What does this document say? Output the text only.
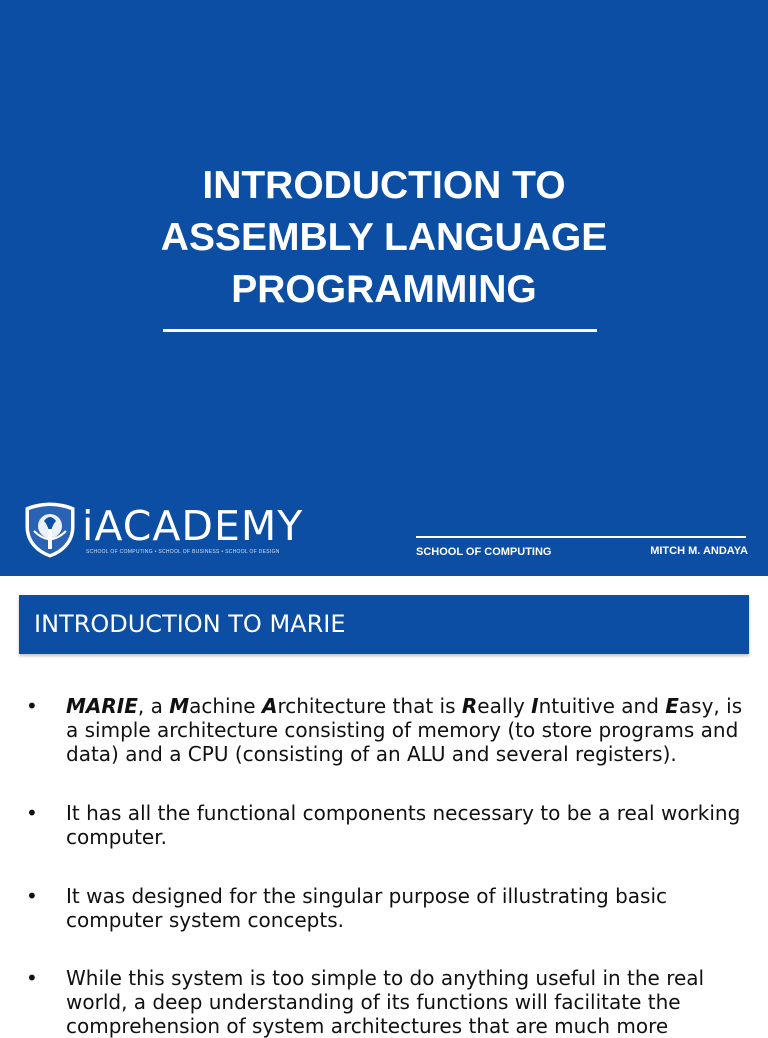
INTRODUCTION TO
ASSEMBLY LANGUAGE
PROGRAMMING
iACADEMY
SCHOOL OF COMPUTING • SCHOOL OF BUSINESS • SCHOOL OF DESIGN	SCHOOL OF COMPUTING	MITCH M. ANDAYA
INTRODUCTION TO MARIE
• MARIE, a Machine Architecture that is Really Intuitive and Easy, is a simple architecture consisting of memory (to store programs and data) and a CPU (consisting of an ALU and several registers).
• It has all the functional components necessary to be a real working computer.
• It was designed for the singular purpose of illustrating basic computer system concepts.
• While this system is too simple to do anything useful in the real world, a deep understanding of its functions will facilitate the comprehension of system architectures that are much more
